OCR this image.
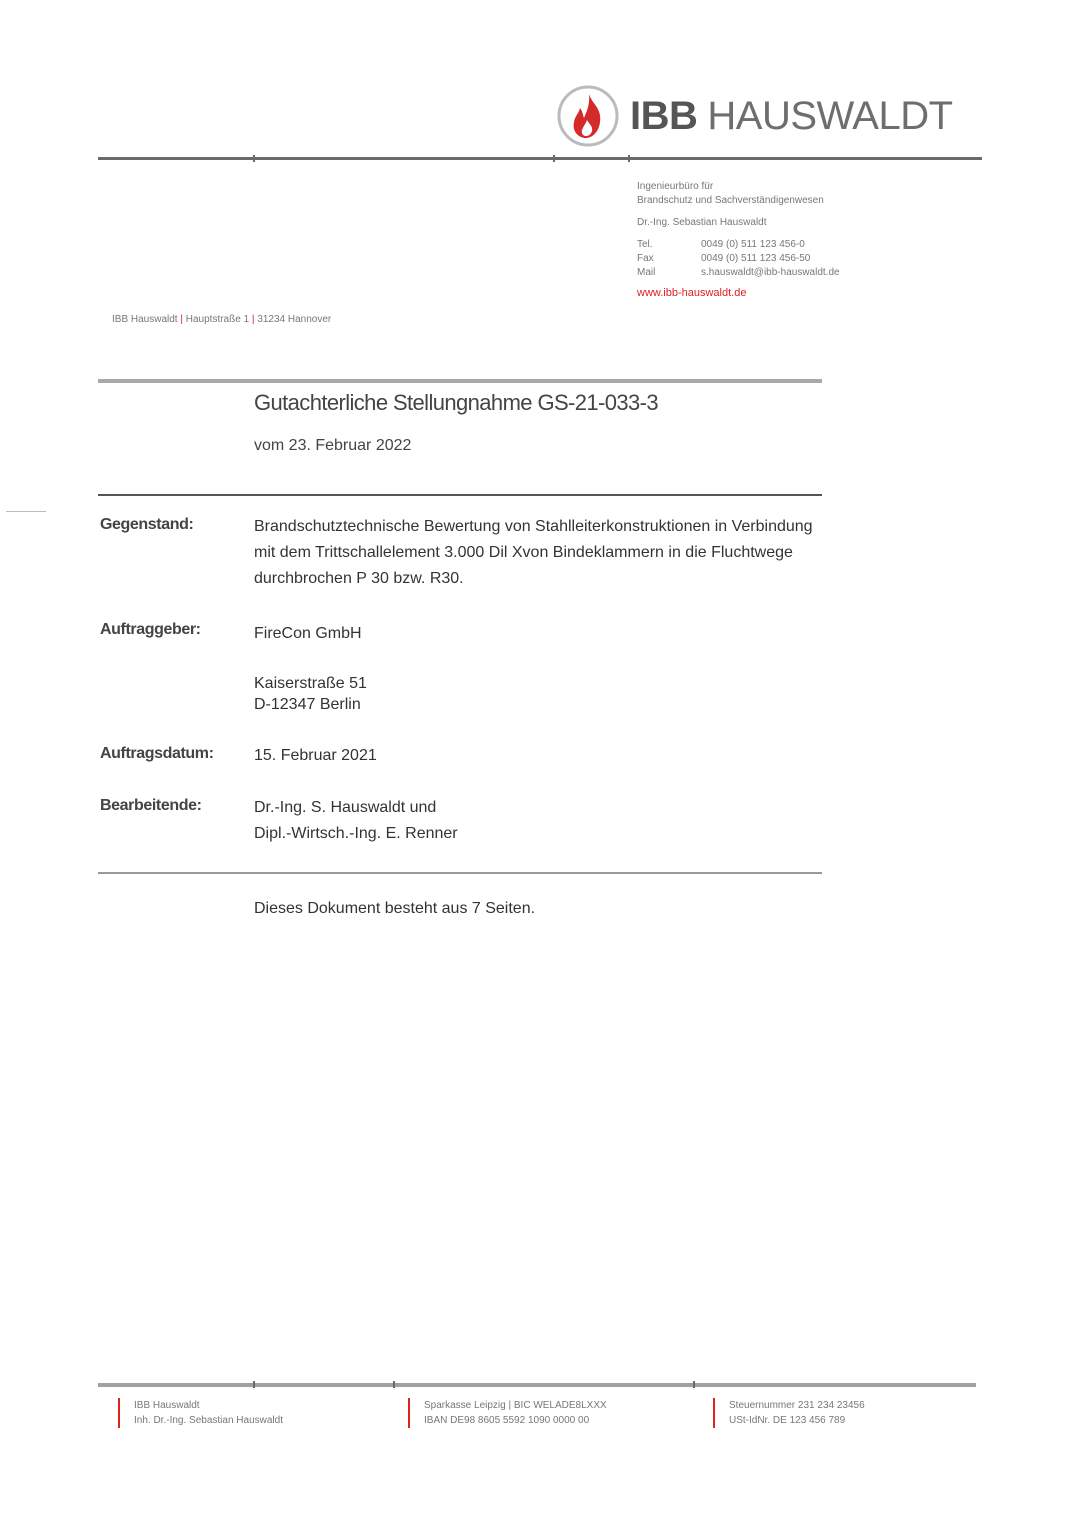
IBB HAUSWALDT
Ingenieurbüro für
Brandschutz und Sachverständigenwesen
Dr.-Ing. Sebastian Hauswaldt
Tel.	0049 (0) 511 123 456-0
Fax	0049 (0) 511 123 456-50
Mail	s.hauswaldt@ibb-hauswaldt.de
www.ibb-hauswaldt.de
IBB Hauswaldt | Hauptstraße 1 | 31234 Hannover
Gutachterliche Stellungnahme GS-21-033-3
vom 23. Februar 2022
Gegenstand:	Brandschutztechnische Bewertung von Stahlleiterkonstruktionen in Verbindung mit dem Trittschallelement 3.000 Dil Xvon Bindeklammern in die Fluchtwege durchbrochen P 30 bzw. R30.
Auftraggeber:	FireCon GmbH
Kaiserstraße 51
D-12347 Berlin
Auftragsdatum:	15. Februar 2021
Bearbeitende:	Dr.-Ing. S. Hauswaldt und
Dipl.-Wirtsch.-Ing. E. Renner
Dieses Dokument besteht aus 7 Seiten.
IBB Hauswaldt
Inh. Dr.-Ing. Sebastian Hauswaldt
Sparkasse Leipzig | BIC WELADE8LXXX
IBAN DE98 8605 5592 1090 0000 00
Steuernummer 231 234 23456
USt-IdNr. DE 123 456 789
